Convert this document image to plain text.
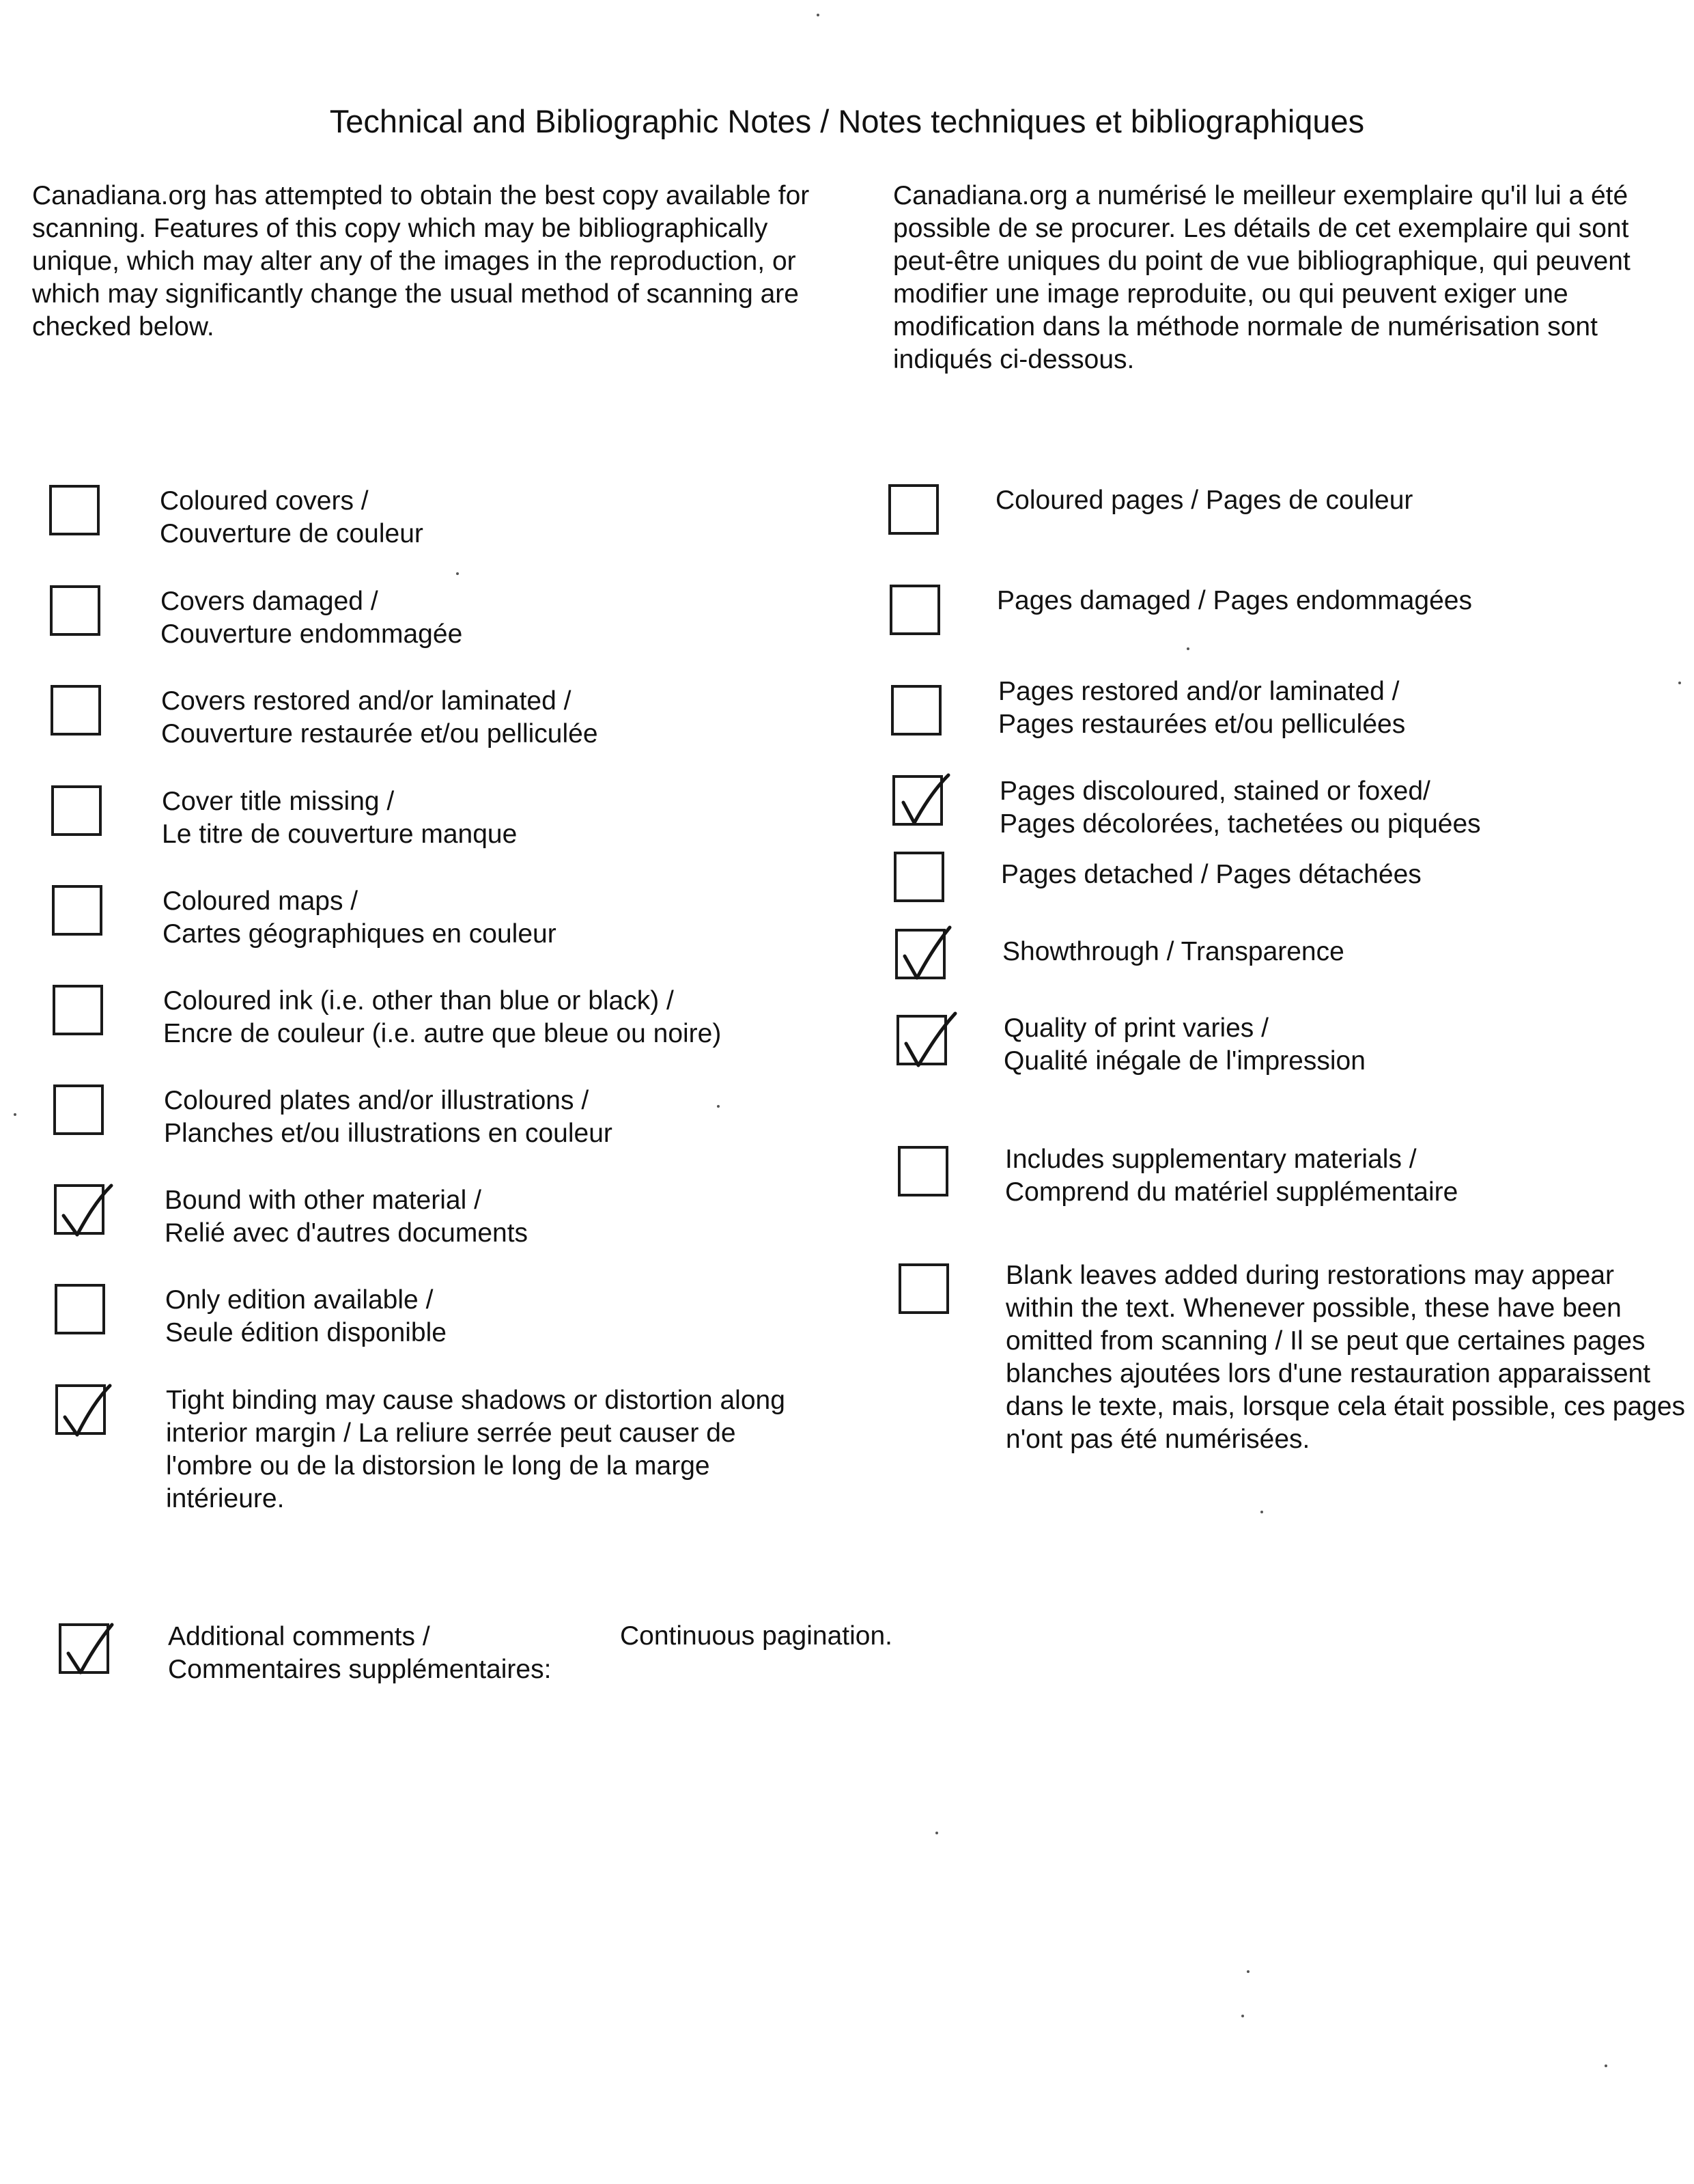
Technical and Bibliographic Notes / Notes techniques et bibliographiques
Canadiana.org has attempted to obtain the best copy available for scanning. Features of this copy which may be bibliographically unique, which may alter any of the images in the reproduction, or which may significantly change the usual method of scanning are checked below.
Canadiana.org a numérisé le meilleur exemplaire qu'il lui a été possible de se procurer. Les détails de cet exemplaire qui sont peut-être uniques du point de vue bibliographique, qui peuvent modifier une image reproduite, ou qui peuvent exiger une modification dans la méthode normale de numérisation sont indiqués ci-dessous.
Coloured covers /
Couverture de couleur
Covers damaged /
Couverture endommagée
Covers restored and/or laminated /
Couverture restaurée et/ou pelliculée
Cover title missing /
Le titre de couverture manque
Coloured maps /
Cartes géographiques en couleur
Coloured ink (i.e. other than blue or black) /
Encre de couleur (i.e. autre que bleue ou noire)
Coloured plates and/or illustrations /
Planches et/ou illustrations en couleur
Bound with other material /
Relié avec d'autres documents
Only edition available /
Seule édition disponible
Tight binding may cause shadows or distortion along interior margin / La reliure serrée peut causer de l'ombre ou de la distorsion le long de la marge intérieure.
Coloured pages / Pages de couleur
Pages damaged / Pages endommagées
Pages restored and/or laminated /
Pages restaurées et/ou pelliculées
Pages discoloured, stained or foxed/
Pages décolorées, tachetées ou piquées
Pages detached / Pages détachées
Showthrough / Transparence
Quality of print varies /
Qualité inégale de l'impression
Includes supplementary materials /
Comprend du matériel supplémentaire
Blank leaves added during restorations may appear within the text. Whenever possible, these have been omitted from scanning / Il se peut que certaines pages blanches ajoutées lors d'une restauration apparaissent dans le texte, mais, lorsque cela était possible, ces pages n'ont pas été numérisées.
Additional comments /
Commentaires supplémentaires:
Continuous pagination.
